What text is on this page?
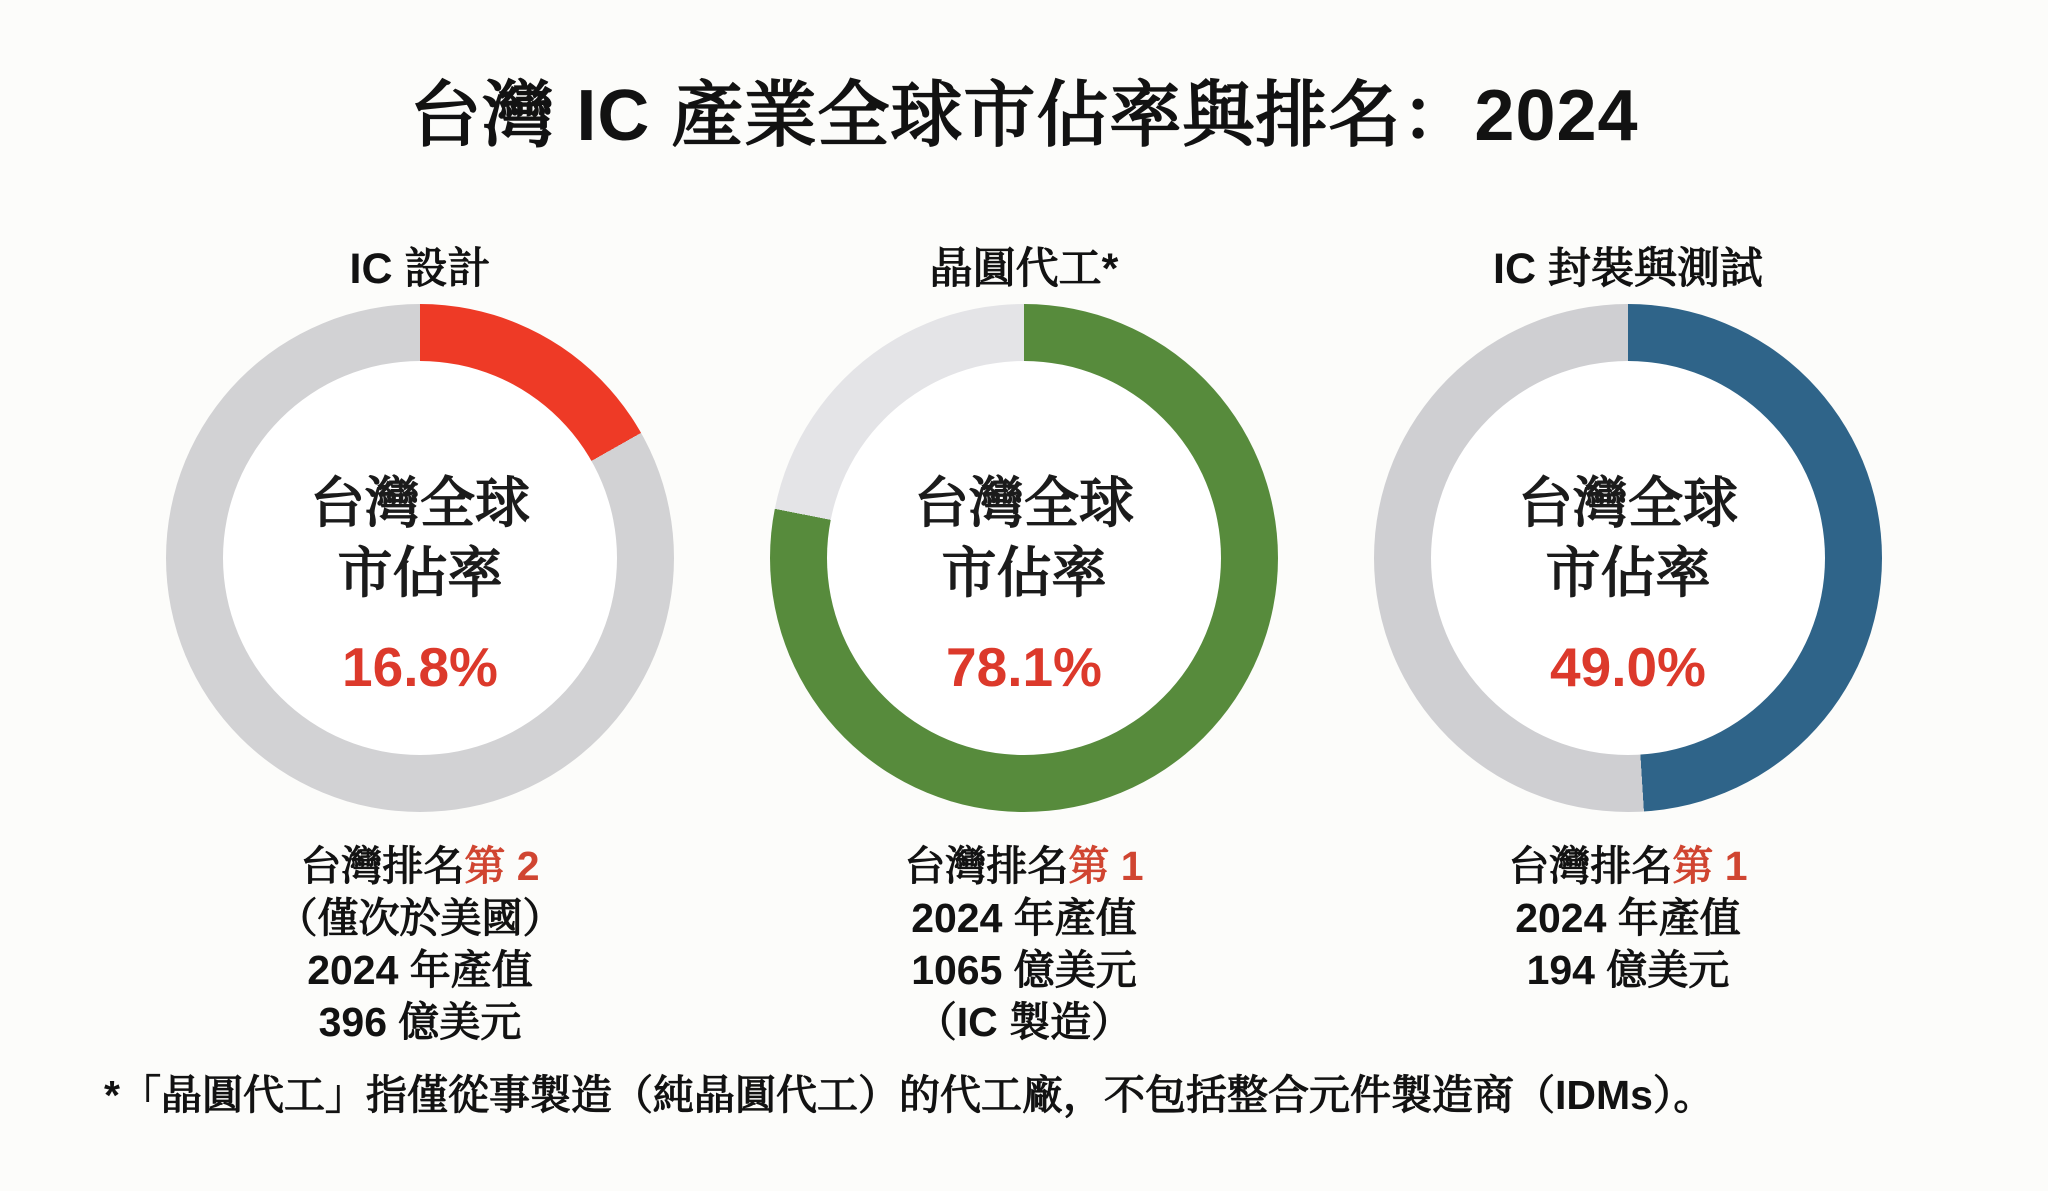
台灣 IC 產業全球市佔率與排名：2024
IC 設計
台灣全球
市佔率
16.8%
台灣排名第 2
（僅次於美國）
2024 年產值
396 億美元
晶圓代工*
台灣全球
市佔率
78.1%
台灣排名第 1
2024 年產值
1065 億美元
（IC 製造）
IC 封裝與測試
台灣全球
市佔率
49.0%
台灣排名第 1
2024 年產值
194 億美元
*「晶圓代工」指僅從事製造（純晶圓代工）的代工廠，不包括整合元件製造商（IDMs）。
